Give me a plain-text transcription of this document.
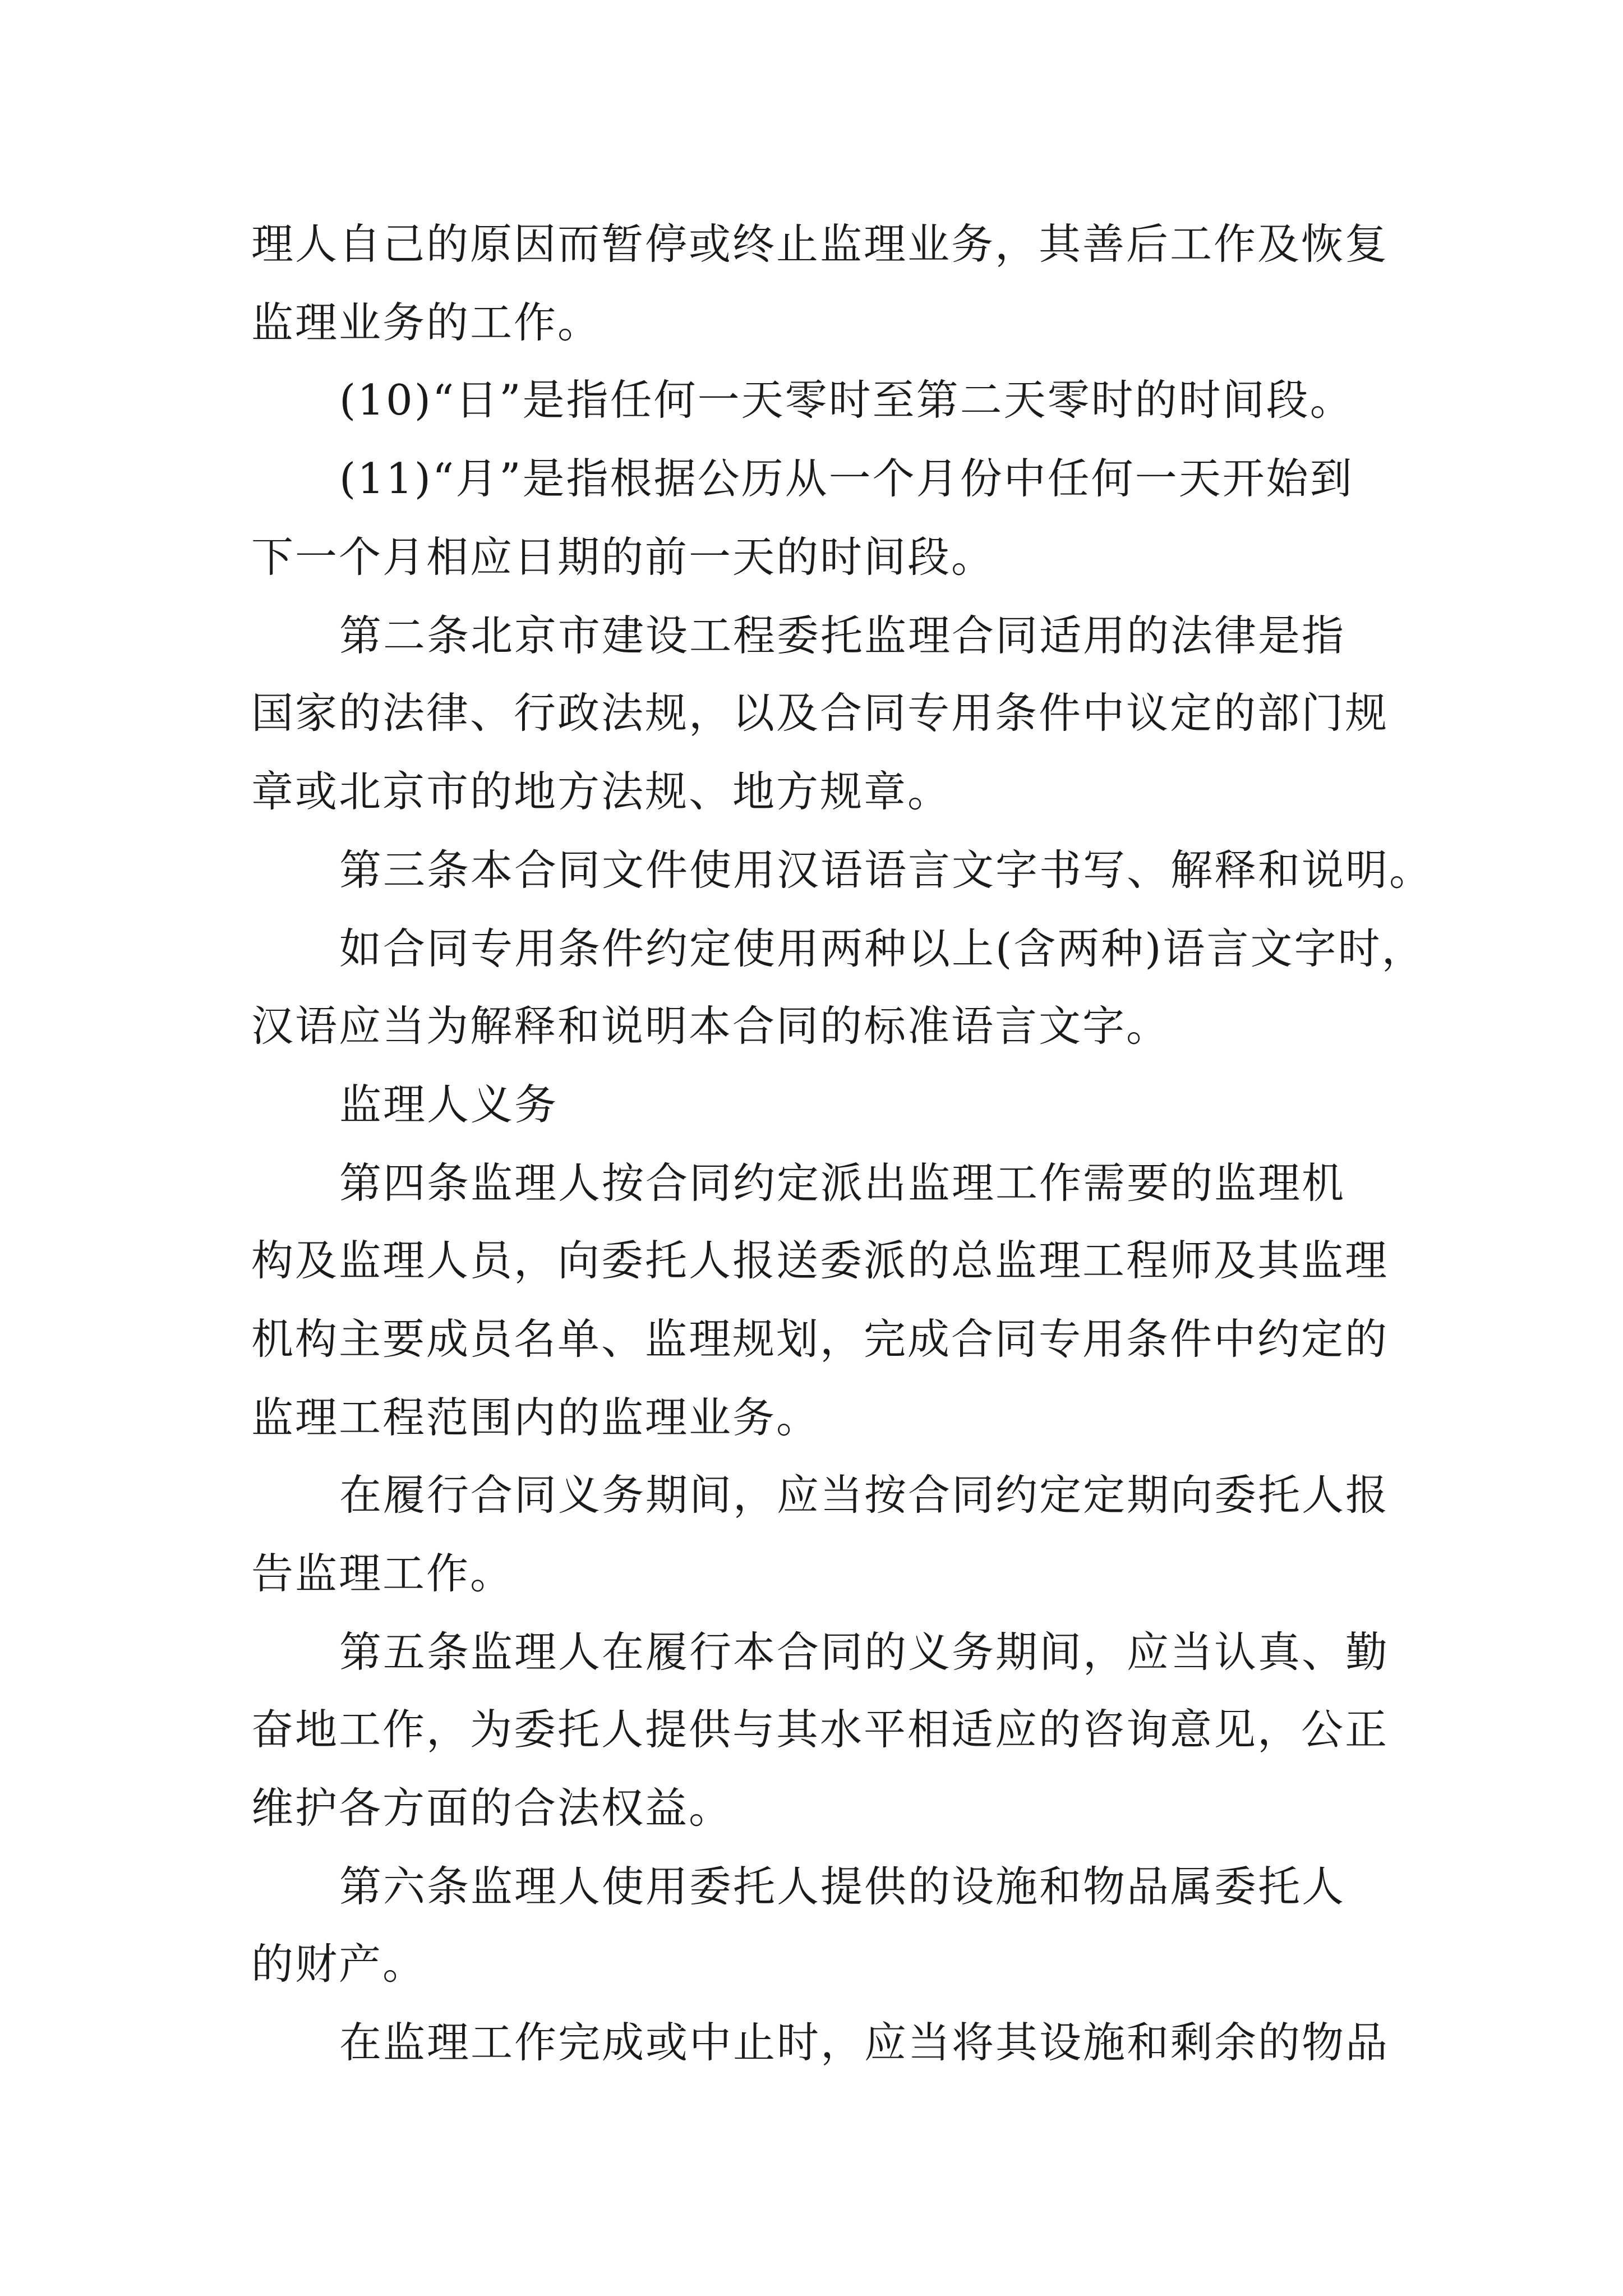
理人自己的原因而暂停或终止监理业务，其善后工作及恢复

监理业务的工作。

(10)“日”是指任何一天零时至第二天零时的时间段。

(11)“月”是指根据公历从一个月份中任何一天开始到

下一个月相应日期的前一天的时间段。

第二条北京市建设工程委托监理合同适用的法律是指

国家的法律、行政法规，以及合同专用条件中议定的部门规

章或北京市的地方法规、地方规章。

第三条本合同文件使用汉语语言文字书写、解释和说明。

如合同专用条件约定使用两种以上(含两种)语言文字时，

汉语应当为解释和说明本合同的标准语言文字。

监理人义务

第四条监理人按合同约定派出监理工作需要的监理机

构及监理人员，向委托人报送委派的总监理工程师及其监理

机构主要成员名单、监理规划，完成合同专用条件中约定的

监理工程范围内的监理业务。

在履行合同义务期间，应当按合同约定定期向委托人报

告监理工作。

第五条监理人在履行本合同的义务期间，应当认真、勤

奋地工作，为委托人提供与其水平相适应的咨询意见，公正

维护各方面的合法权益。

第六条监理人使用委托人提供的设施和物品属委托人

的财产。

在监理工作完成或中止时，应当将其设施和剩余的物品
